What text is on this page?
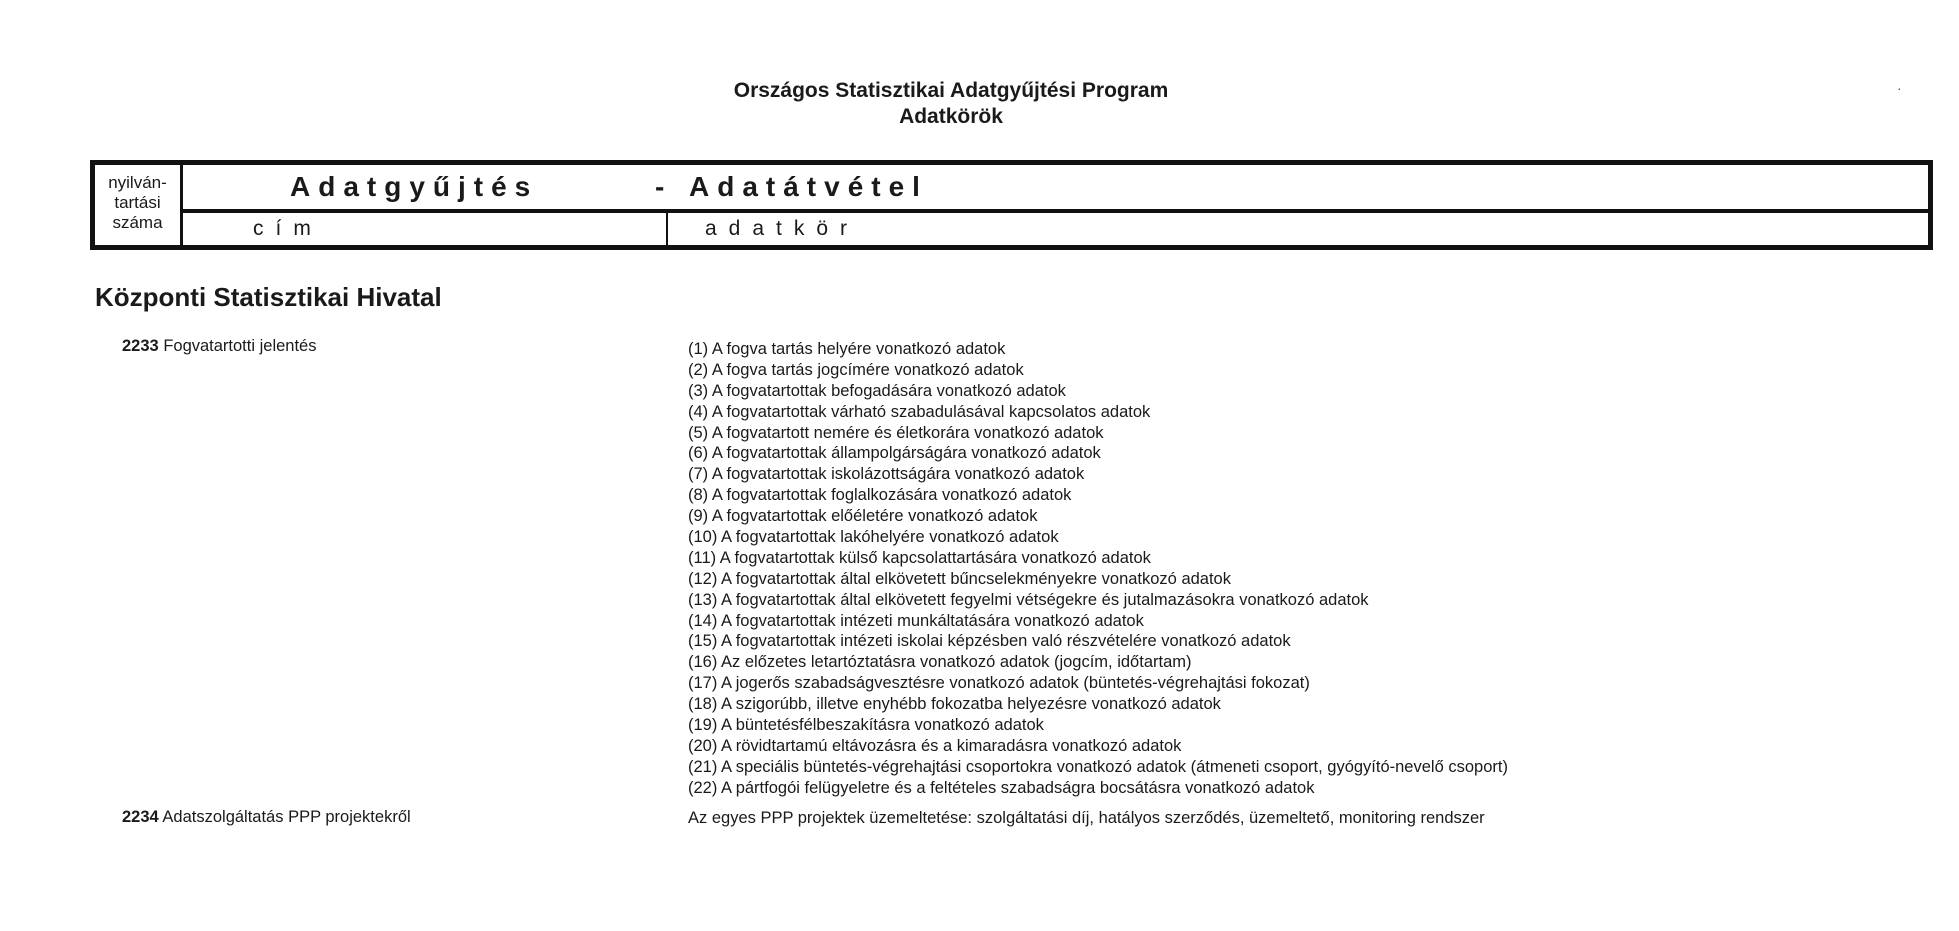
Országos Statisztikai Adatgyűjtési Program
Adatkörök
·
nyilván-
tartási
száma
Adatgyűjtés	- Adatátvétel
cím	adatkör
Központi Statisztikai Hivatal
2233 Fogvatartotti jelentés	(1) A fogva tartás helyére vonatkozó adatok
(2) A fogva tartás jogcímére vonatkozó adatok
(3) A fogvatartottak befogadására vonatkozó adatok
(4) A fogvatartottak várható szabadulásával kapcsolatos adatok
(5) A fogvatartott nemére és életkorára vonatkozó adatok
(6) A fogvatartottak állampolgárságára vonatkozó adatok
(7) A fogvatartottak iskolázottságára vonatkozó adatok
(8) A fogvatartottak foglalkozására vonatkozó adatok
(9) A fogvatartottak előéletére vonatkozó adatok
(10) A fogvatartottak lakóhelyére vonatkozó adatok
(11) A fogvatartottak külső kapcsolattartására vonatkozó adatok
(12) A fogvatartottak által elkövetett bűncselekményekre vonatkozó adatok
(13) A fogvatartottak által elkövetett fegyelmi vétségekre és jutalmazásokra vonatkozó adatok
(14) A fogvatartottak intézeti munkáltatására vonatkozó adatok
(15) A fogvatartottak intézeti iskolai képzésben való részvételére vonatkozó adatok
(16) Az előzetes letartóztatásra vonatkozó adatok (jogcím, időtartam)
(17) A jogerős szabadságvesztésre vonatkozó adatok (büntetés-végrehajtási fokozat)
(18) A szigorúbb, illetve enyhébb fokozatba helyezésre vonatkozó adatok
(19) A büntetésfélbeszakításra vonatkozó adatok
(20) A rövidtartamú eltávozásra és a kimaradásra vonatkozó adatok
(21) A speciális büntetés-végrehajtási csoportokra vonatkozó adatok (átmeneti csoport, gyógyító-nevelő csoport)
(22) A pártfogói felügyeletre és a feltételes szabadságra bocsátásra vonatkozó adatok
2234 Adatszolgáltatás PPP projektekről	Az egyes PPP projektek üzemeltetése: szolgáltatási díj, hatályos szerződés, üzemeltető, monitoring rendszer
